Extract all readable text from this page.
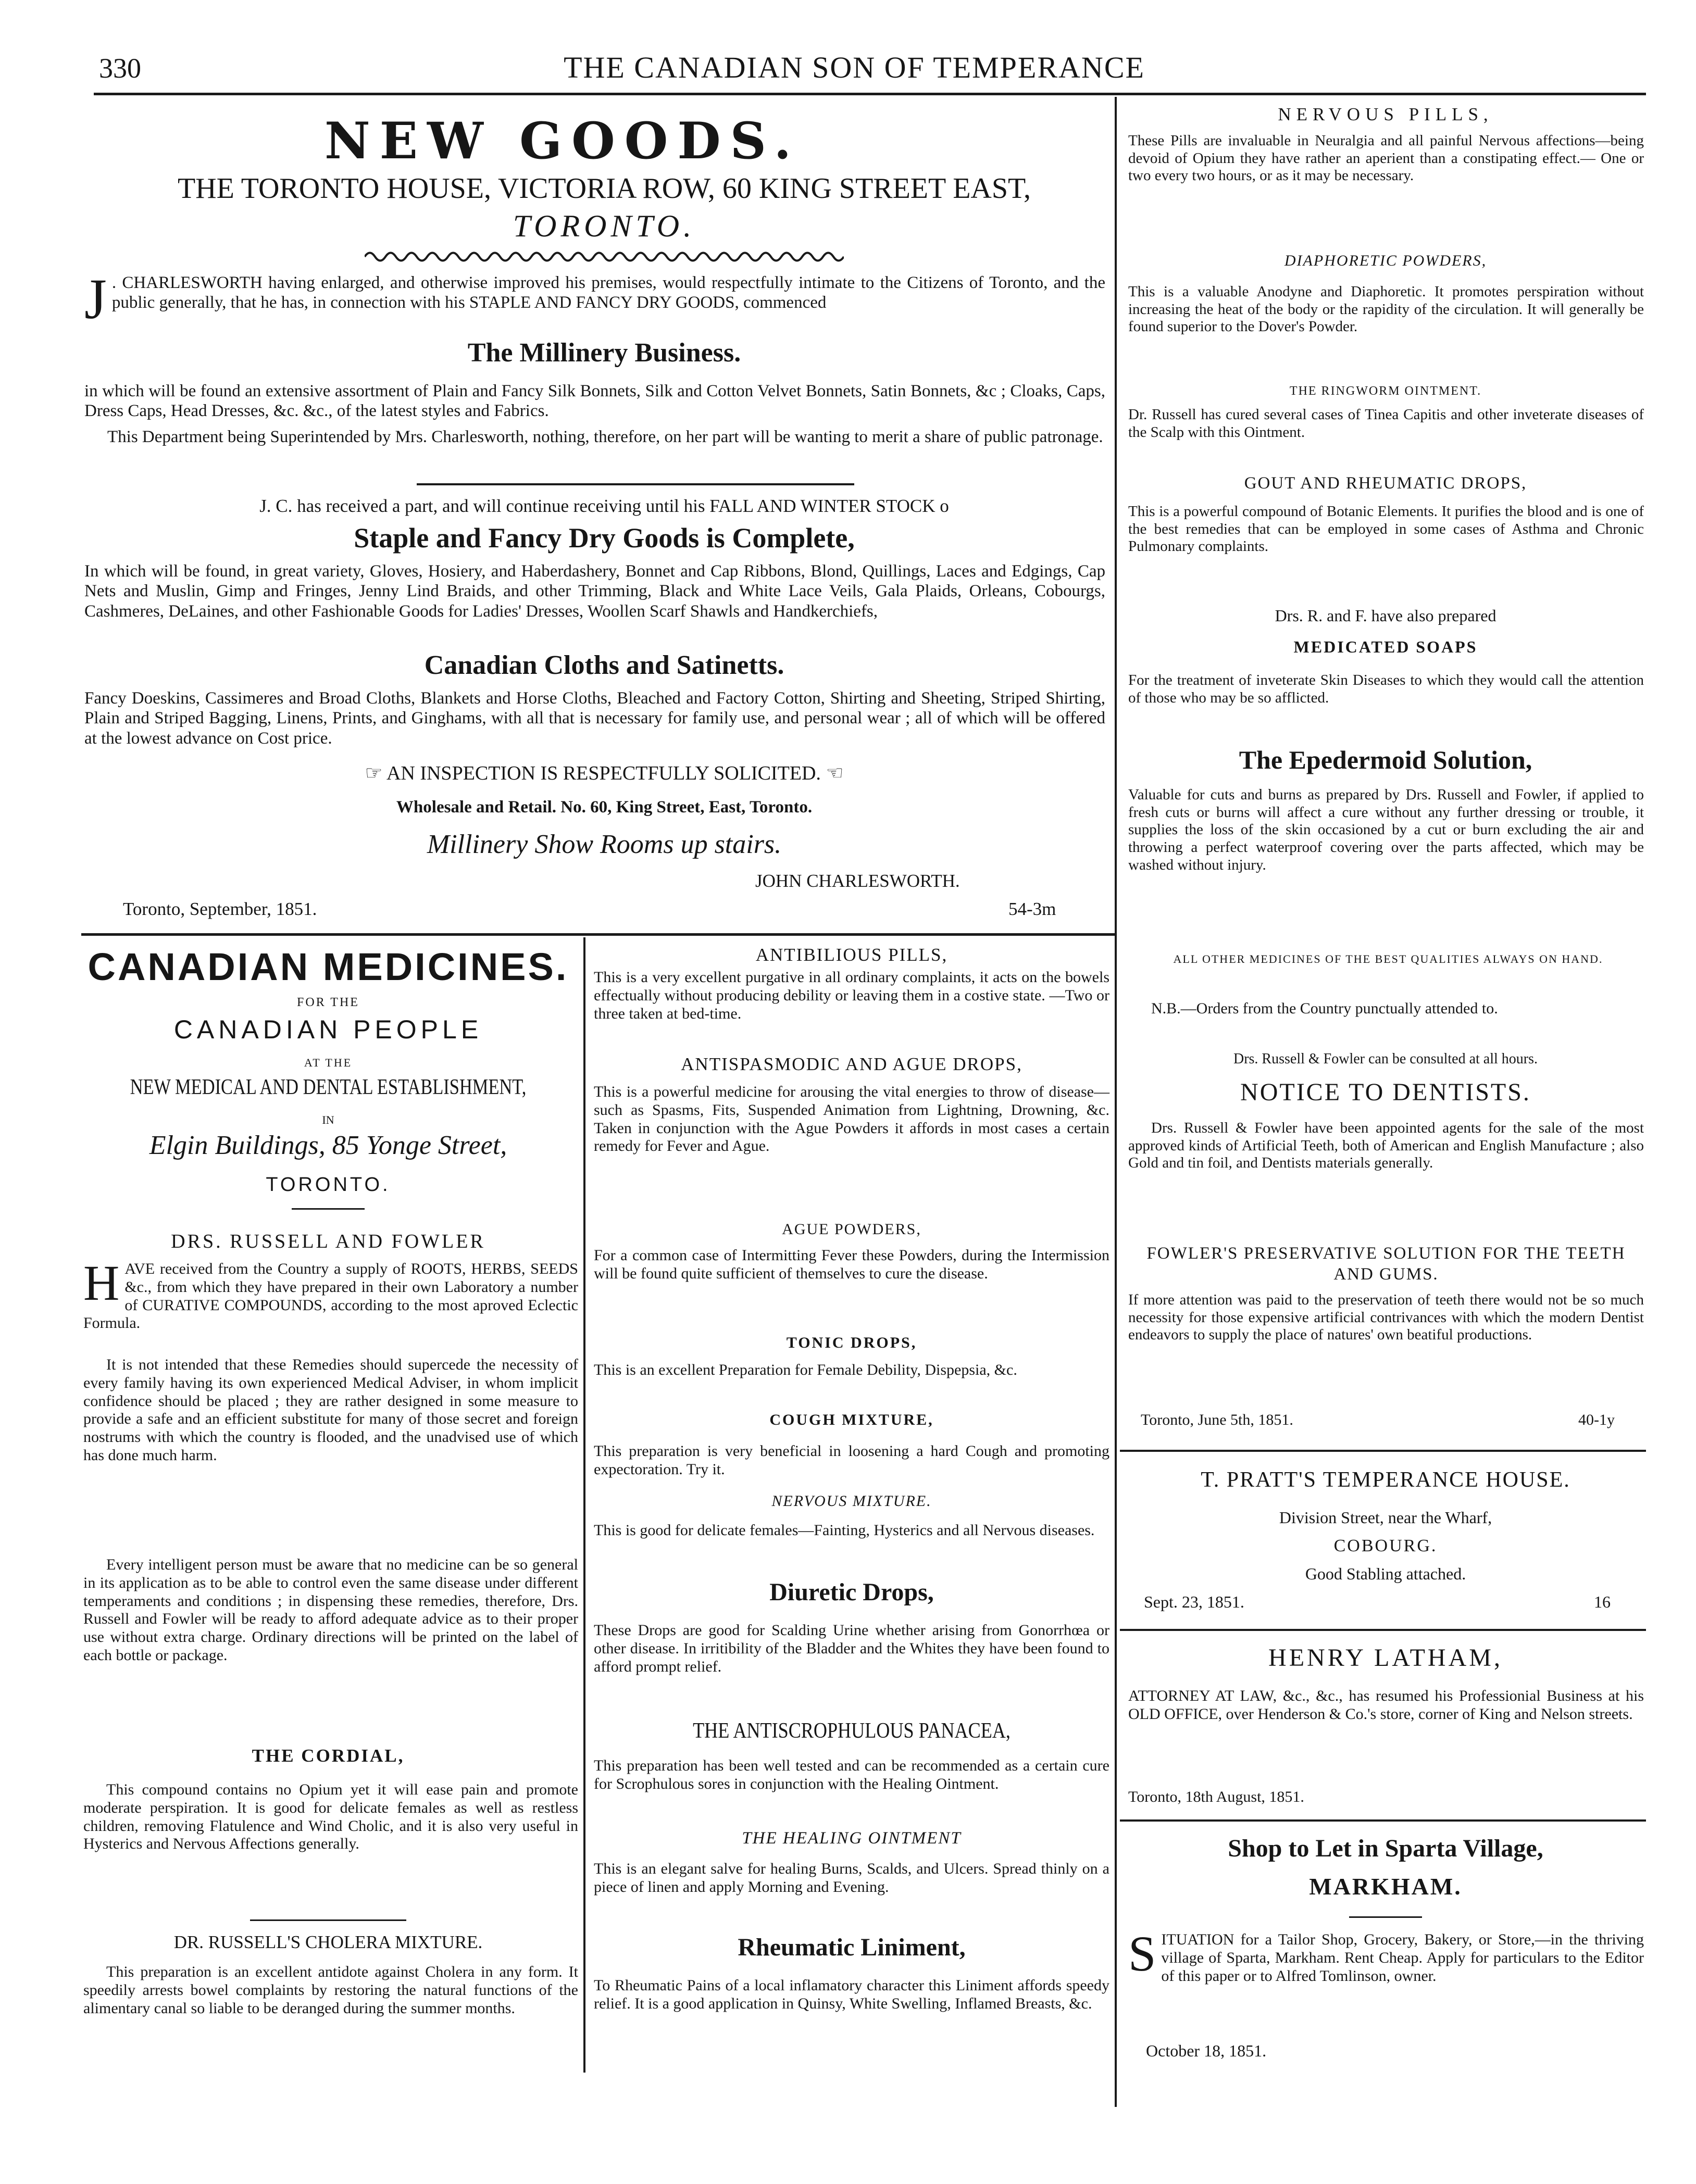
330	THE CANADIAN SON OF TEMPERANCE
NEW GOODS.
THE TORONTO HOUSE, VICTORIA ROW, 60 KING STREET EAST,
TORONTO.
J . CHARLESWORTH having enlarged, and otherwise improved his premises, would respectfully intimate to the Citizens of Toronto, and the public generally, that he has, in connection with his STAPLE AND FANCY DRY GOODS, commenced
The Millinery Business.
in which will be found an extensive assortment of Plain and Fancy Silk Bonnets, Silk and Cotton Velvet Bonnets, Satin Bonnets, &c ; Cloaks, Caps, Dress Caps, Head Dresses, &c. &c., of the latest styles and Fabrics.
This Department being Superintended by Mrs. Charlesworth, nothing, therefore, on her part will be wanting to merit a share of public patronage.
J. C. has received a part, and will continue receiving until his FALL AND WINTER STOCK o
Staple and Fancy Dry Goods is Complete,
In which will be found, in great variety, Gloves, Hosiery, and Haberdashery, Bonnet and Cap Ribbons, Blond, Quillings, Laces and Edgings, Cap Nets and Muslin, Gimp and Fringes, Jenny Lind Braids, and other Trimming, Black and White Lace Veils, Gala Plaids, Orleans, Cobourgs, Cashmeres, DeLaines, and other Fashionable Goods for Ladies' Dresses, Woollen Scarf Shawls and Handkerchiefs,
Canadian Cloths and Satinetts.
Fancy Doeskins, Cassimeres and Broad Cloths, Blankets and Horse Cloths, Bleached and Factory Cotton, Shirting and Sheeting, Striped Shirting, Plain and Striped Bagging, Linens, Prints, and Ginghams, with all that is necessary for family use, and personal wear ; all of which will be offered at the lowest advance on Cost price.
☞ AN INSPECTION IS RESPECTFULLY SOLICITED. ☜
Wholesale and Retail. No. 60, King Street, East, Toronto.
Millinery Show Rooms up stairs.
JOHN CHARLESWORTH.
Toronto, September, 1851.	54-3m
CANADIAN MEDICINES.
FOR THE
CANADIAN PEOPLE
AT THE
NEW MEDICAL AND DENTAL ESTABLISHMENT,
IN
Elgin Buildings, 85 Yonge Street,
TORONTO.
DRS. RUSSELL AND FOWLER
HAVE received from the Country a supply of ROOTS, HERBS, SEEDS &c., from which they have prepared in their own Laboratory a number of CURATIVE COMPOUNDS, according to the most aproved Eclectic Formula.
It is not intended that these Remedies should supercede the necessity of every family having its own experienced Medical Adviser, in whom implicit confidence should be placed ; they are rather designed in some measure to provide a safe and an efficient substitute for many of those secret and foreign nostrums with which the country is flooded, and the unadvised use of which has done much harm.
Every intelligent person must be aware that no medicine can be so general in its application as to be able to control even the same disease under different temperaments and conditions ; in dispensing these remedies, therefore, Drs. Russell and Fowler will be ready to afford adequate advice as to their proper use without extra charge. Ordinary directions will be printed on the label of each bottle or package.
THE CORDIAL,
This compound contains no Opium yet it will ease pain and promote moderate perspiration. It is good for delicate females as well as restless children, removing Flatulence and Wind Cholic, and it is also very useful in Hysterics and Nervous Affections generally.
DR. RUSSELL'S CHOLERA MIXTURE.
This preparation is an excellent antidote against Cholera in any form. It speedily arrests bowel complaints by restoring the natural functions of the alimentary canal so liable to be deranged during the summer months.
ANTIBILIOUS PILLS,
This is a very excellent purgative in all ordinary complaints, it acts on the bowels effectually without producing debility or leaving them in a costive state. —Two or three taken at bed-time.
ANTISPASMODIC AND AGUE DROPS,
This is a powerful medicine for arousing the vital energies to throw of disease—such as Spasms, Fits, Suspended Animation from Lightning, Drowning, &c. Taken in conjunction with the Ague Powders it affords in most cases a certain remedy for Fever and Ague.
AGUE POWDERS,
For a common case of Intermitting Fever these Powders, during the Intermission will be found quite sufficient of themselves to cure the disease.
TONIC DROPS,
This is an excellent Preparation for Female Debility, Dispepsia, &c.
COUGH MIXTURE,
This preparation is very beneficial in loosening a hard Cough and promoting expectoration. Try it.
NERVOUS MIXTURE.
This is good for delicate females—Fainting, Hysterics and all Nervous diseases.
Diuretic Drops,
These Drops are good for Scalding Urine whether arising from Gonorrhœa or other disease. In irritibility of the Bladder and the Whites they have been found to afford prompt relief.
THE ANTISCROPHULOUS PANACEA,
This preparation has been well tested and can be recommended as a certain cure for Scrophulous sores in conjunction with the Healing Ointment.
THE HEALING OINTMENT
This is an elegant salve for healing Burns, Scalds, and Ulcers. Spread thinly on a piece of linen and apply Morning and Evening.
Rheumatic Liniment,
To Rheumatic Pains of a local inflamatory character this Liniment affords speedy relief. It is a good application in Quinsy, White Swelling, Inflamed Breasts, &c.
NERVOUS PILLS,
These Pills are invaluable in Neuralgia and all painful Nervous affections—being devoid of Opium they have rather an aperient than a constipating effect.— One or two every two hours, or as it may be necessary.
DIAPHORETIC POWDERS,
This is a valuable Anodyne and Diaphoretic. It promotes perspiration without increasing the heat of the body or the rapidity of the circulation. It will generally be found superior to the Dover's Powder.
THE RINGWORM OINTMENT.
Dr. Russell has cured several cases of Tinea Capitis and other inveterate diseases of the Scalp with this Ointment.
GOUT AND RHEUMATIC DROPS,
This is a powerful compound of Botanic Elements. It purifies the blood and is one of the best remedies that can be employed in some cases of Asthma and Chronic Pulmonary complaints.
Drs. R. and F. have also prepared
MEDICATED SOAPS
For the treatment of inveterate Skin Diseases to which they would call the attention of those who may be so afflicted.
The Epedermoid Solution,
Valuable for cuts and burns as prepared by Drs. Russell and Fowler, if applied to fresh cuts or burns will affect a cure without any further dressing or trouble, it supplies the loss of the skin occasioned by a cut or burn excluding the air and throwing a perfect waterproof covering over the parts affected, which may be washed without injury.
ALL OTHER MEDICINES OF THE BEST QUALITIES ALWAYS ON HAND.
N.B.—Orders from the Country punctually attended to.
Drs. Russell & Fowler can be consulted at all hours.
NOTICE TO DENTISTS.
Drs. Russell & Fowler have been appointed agents for the sale of the most approved kinds of Artificial Teeth, both of American and English Manufacture ; also Gold and tin foil, and Dentists materials generally.
FOWLER'S PRESERVATIVE SOLUTION FOR THE TEETH AND GUMS.
If more attention was paid to the preservation of teeth there would not be so much necessity for those expensive artificial contrivances with which the modern Dentist endeavors to supply the place of natures' own beatiful productions.
Toronto, June 5th, 1851.	40-1y
T. PRATT'S TEMPERANCE HOUSE.
Division Street, near the Wharf,
COBOURG.
Good Stabling attached.
Sept. 23, 1851.	16
HENRY LATHAM,
ATTORNEY AT LAW, &c., &c., has resumed his Professionial Business at his OLD OFFICE, over Henderson & Co.'s store, corner of King and Nelson streets.
Toronto, 18th August, 1851.
Shop to Let in Sparta Village,
MARKHAM.
SITUATION for a Tailor Shop, Grocery, Bakery, or Store,—in the thriving village of Sparta, Markham. Rent Cheap. Apply for particulars to the Editor of this paper or to Alfred Tomlinson, owner.
October 18, 1851.
